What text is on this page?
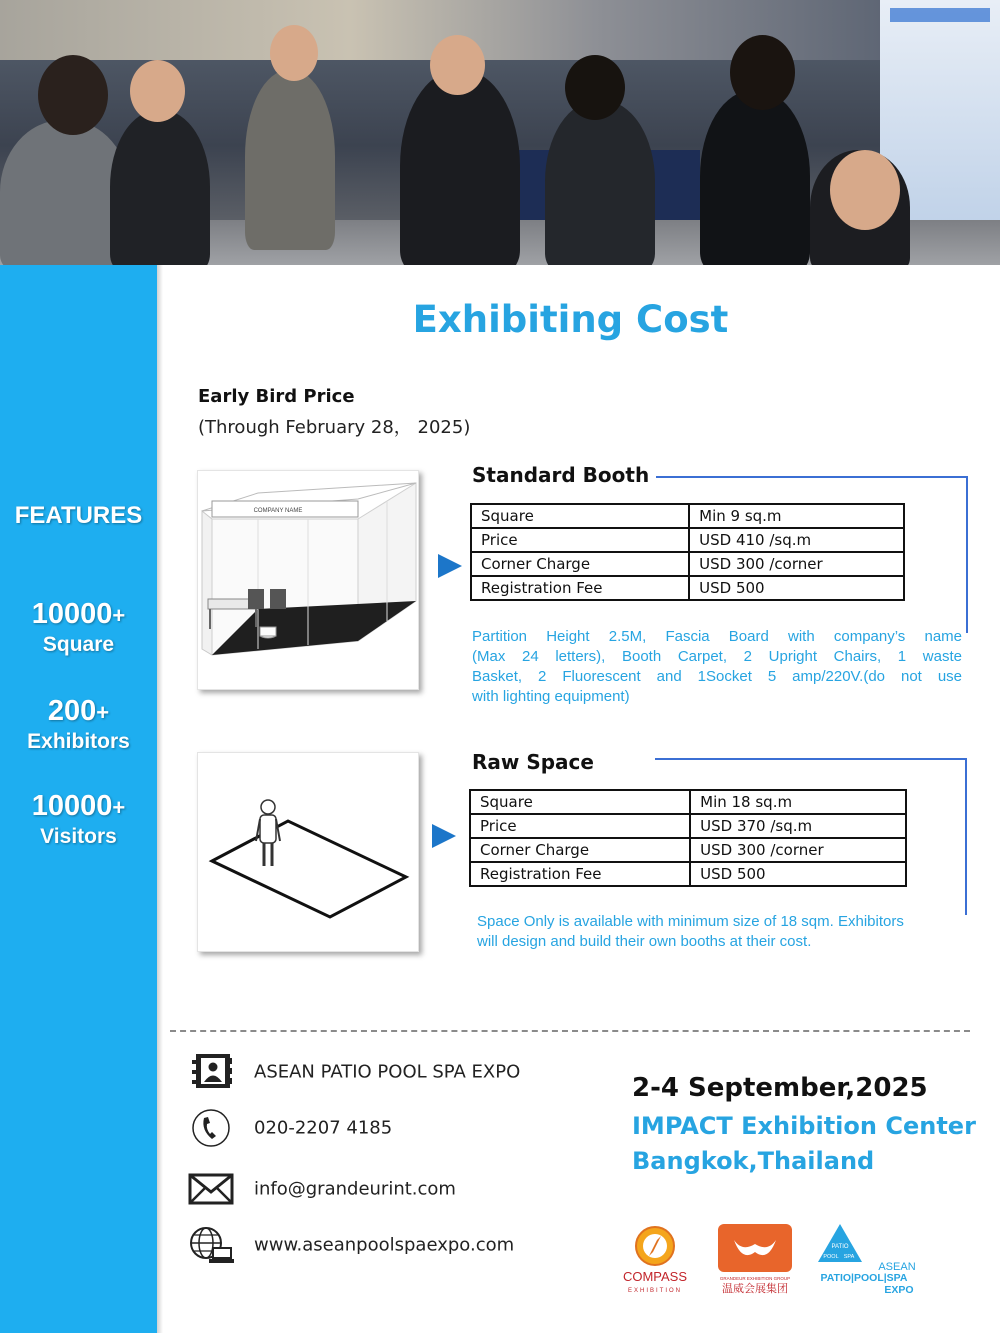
FEATURES
10000+
Square
200+
Exhibitors
10000+
Visitors
Exhibiting Cost
Early Bird Price
(Through February 28， 2025)
COMPANY NAME
Standard Booth
Square	Min 9 sq.m
Price	USD 410 /sq.m
Corner Charge	USD 300 /corner
Registration Fee	USD 500
Partition Height 2.5M, Fascia Board with company’s name
(Max 24 letters), Booth Carpet, 2 Upright Chairs, 1 waste
Basket, 2 Fluorescent and 1Socket 5 amp/220V.(do not use
with lighting equipment)
Raw Space
Square	Min 18 sq.m
Price	USD 370 /sq.m
Corner Charge	USD 300 /corner
Registration Fee	USD 500
Space Only is available with minimum size of 18 sqm. Exhibitors
will design and build their own booths at their cost.
ASEAN PATIO POOL SPA EXPO
020-2207 4185
info@grandeurint.com
www.aseanpoolspaexpo.com
2-4 September,2025
IMPACT Exhibition Center
Bangkok,Thailand
COMPASS
EXHIBITION
GRANDEUR EXHIBITION GROUP
温威会展集团
PATIO
POOL SPA
ASEAN
PATIO|POOL|SPA
EXPO
